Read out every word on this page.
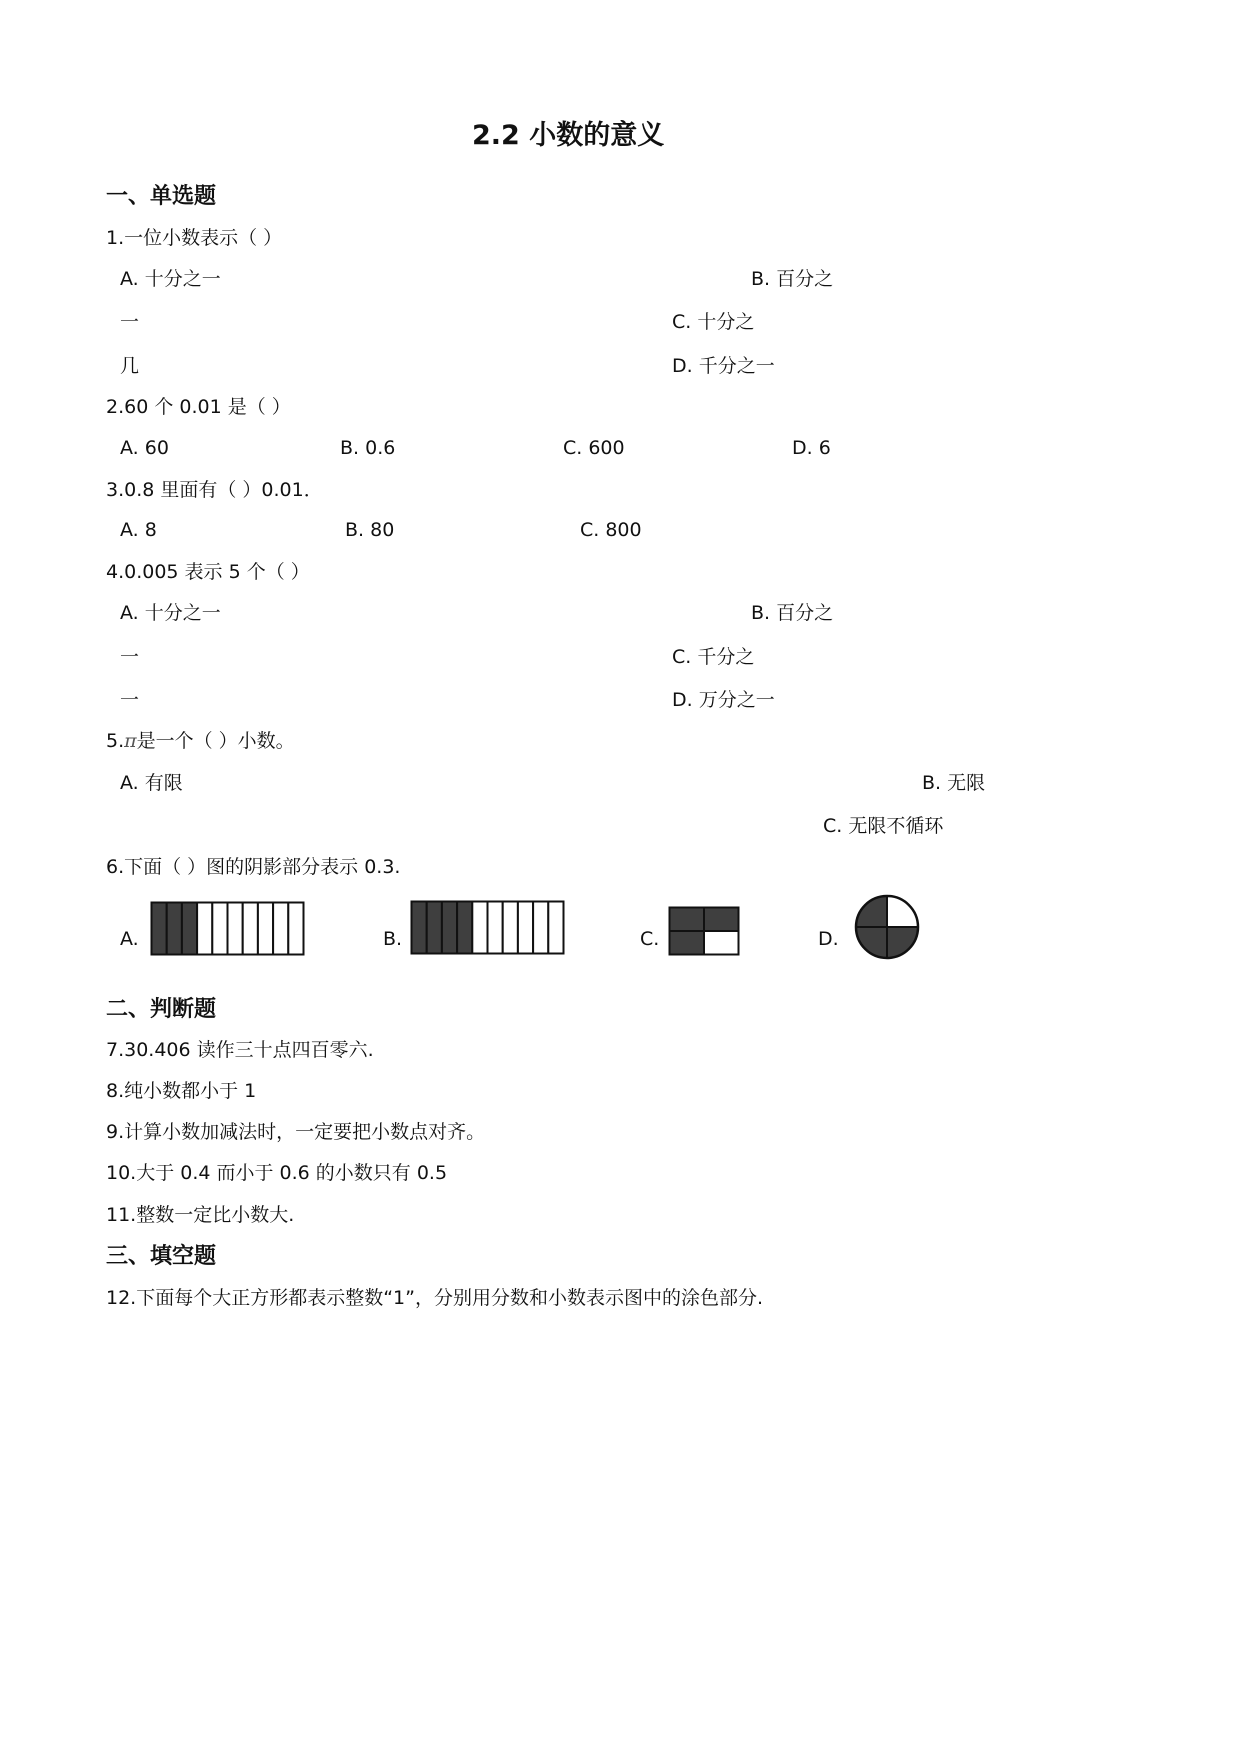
2.2 小数的意义
一、单选题
1.一位小数表示（ ）
A. 十分之一	B. 百分之
一	C. 十分之
几	D. 千分之一
2.60 个 0.01 是（ ）
A. 60	B. 0.6	C. 600	D. 6
3.0.8 里面有（ ）0.01．
A. 8	B. 80	C. 800
4.0.005 表示 5 个（ ）
A. 十分之一	B. 百分之
一	C. 千分之
一	D. 万分之一
5.π是一个（ ）小数。
A. 有限	B. 无限
C. 无限不循环
6.下面（ ）图的阴影部分表示 0.3.
A.	B.	C.	D.
二、判断题
7.30.406 读作三十点四百零六.
8.纯小数都小于 1
9.计算小数加减法时，一定要把小数点对齐。
10.大于 0.4 而小于 0.6 的小数只有 0.5
11.整数一定比小数大.
三、填空题
12.下面每个大正方形都表示整数“1”，分别用分数和小数表示图中的涂色部分.
